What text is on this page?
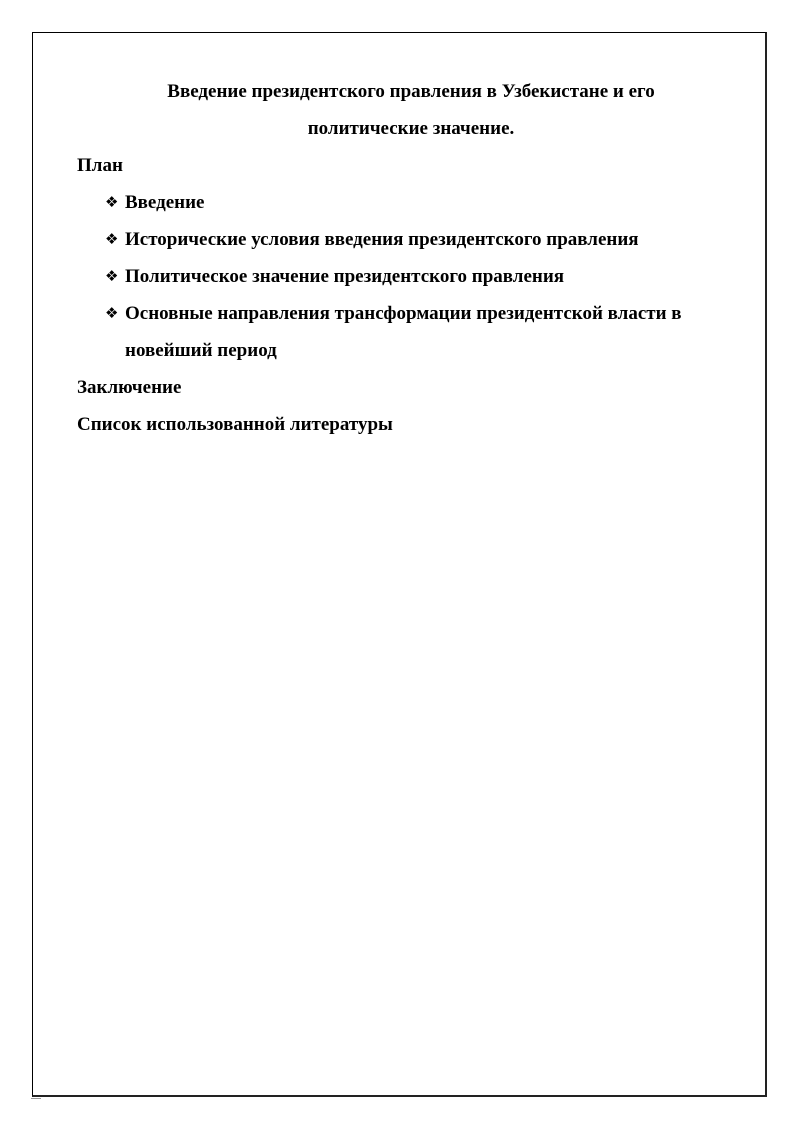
Введение президентского правления в Узбекистане и его
политические значение.
План
❖ Введение
❖ Исторические условия введения президентского правления
❖ Политическое значение президентского правления
❖ Основные направления трансформации президентской власти в новейший период
Заключение
Список использованной литературы
